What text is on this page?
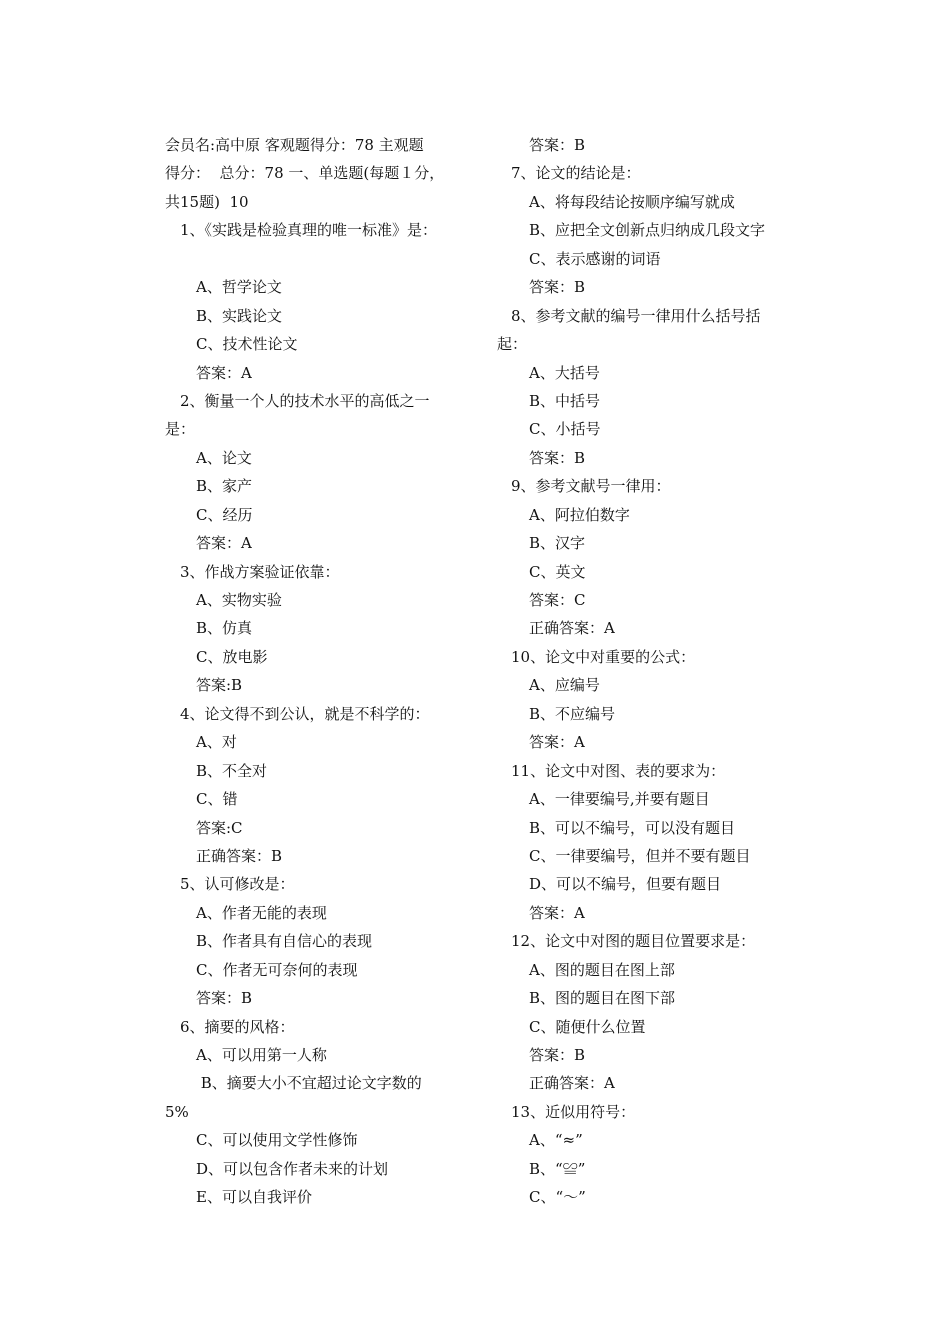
会员名:高中原 客观题得分：78 主观题
得分：  总分：78 一、单选题(每题１分，
共15题)  10
1、《实践是检验真理的唯一标准》是：
A、哲学论文
B、实践论文
C、技术性论文
答案：A
2、衡量一个人的技术水平的高低之一
是：
A、论文
B、家产
C、经历
答案：A
3、作战方案验证依靠：
A、实物实验
B、仿真
C、放电影
答案:B
4、论文得不到公认，就是不科学的：
A、对
B、不全对
C、错
答案:C
正确答案：B
5、认可修改是：
A、作者无能的表现
B、作者具有自信心的表现
C、作者无可奈何的表现
答案：B
6、摘要的风格：
A、可以用第一人称
B、摘要大小不宜超过论文字数的
5%
C、可以使用文学性修饰
D、可以包含作者未来的计划
E、可以自我评价
答案：B
7、论文的结论是：
A、将每段结论按顺序编写就成
B、应把全文创新点归纳成几段文字
C、表示感谢的词语
答案：B
8、参考文献的编号一律用什么括号括
起：
A、大括号
B、中括号
C、小括号
答案：B
9、参考文献号一律用：
A、阿拉伯数字
B、汉字
C、英文
答案：C
正确答案：A
10、论文中对重要的公式：
A、应编号
B、不应编号
答案：A
11、论文中对图、表的要求为：
A、一律要编号,并要有题目
B、可以不编号，可以没有题目
C、一律要编号，但并不要有题目
D、可以不编号，但要有题目
答案：A
12、论文中对图的题目位置要求是：
A、图的题目在图上部
B、图的题目在图下部
C、随便什么位置
答案：B
正确答案：A
13、近似用符号：
A、“≈”
B、“≌”
C、“～”
